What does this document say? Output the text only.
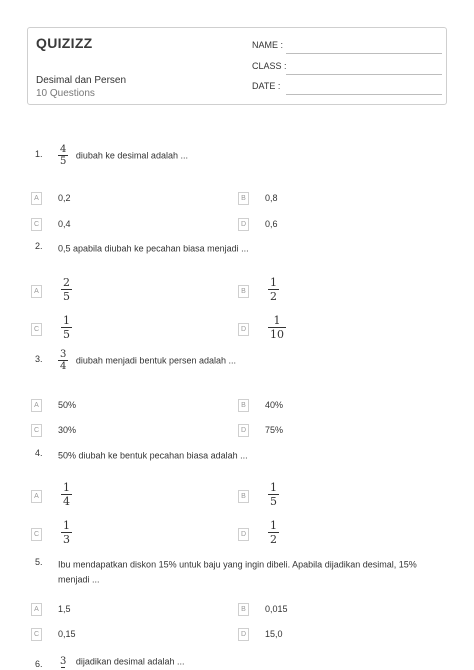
QUIZIZZ
Desimal dan Persen
10 Questions
NAME :
CLASS :
DATE :
1. $\frac{4}{5}$ diubah ke desimal adalah ...
A	0,2	B	0,8
C	0,4	D	0,6
2. 0,5 apabila diubah ke pecahan biasa menjadi ...
A $\frac{2}{5}$	B $\frac{1}{2}$
C $\frac{1}{5}$	D $\frac{1}{10}$
3. $\frac{3}{4}$ diubah menjadi bentuk persen adalah ...
A	50%	B	40%
C	30%	D	75%
4. 50% diubah ke bentuk pecahan biasa adalah ...
A $\frac{1}{4}$	B $\frac{1}{5}$
C $\frac{1}{3}$	D $\frac{1}{2}$
5. Ibu mendapatkan diskon 15% untuk baju yang ingin dibeli. Apabila dijadikan desimal, 15% menjadi ...
A	1,5	B	0,015
C	0,15	D	15,0
6. 3 dijadikan desimal adalah ...
